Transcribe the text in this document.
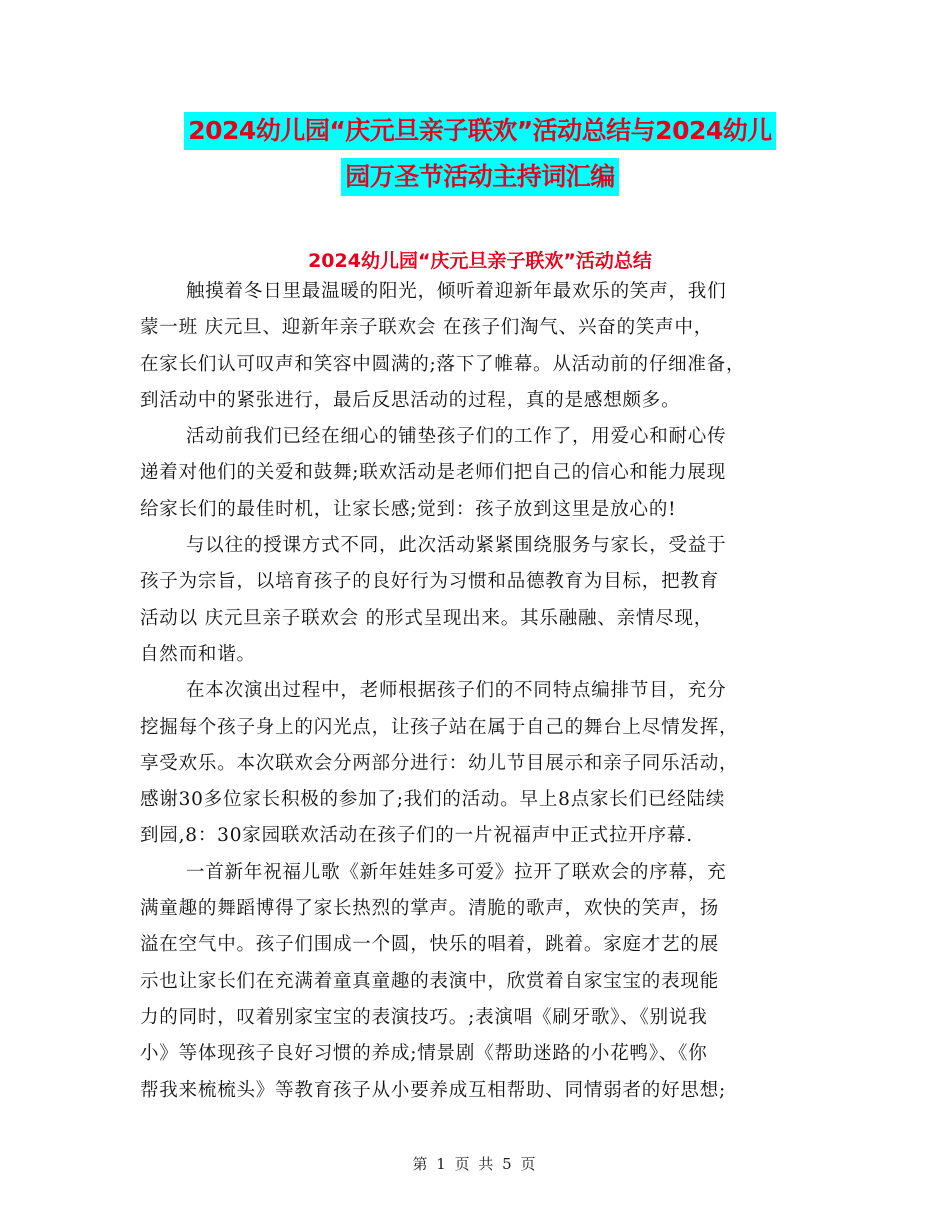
2024幼儿园“庆元旦亲子联欢”活动总结与2024幼儿
园万圣节活动主持词汇编
2024幼儿园“庆元旦亲子联欢”活动总结

触摸着冬日里最温暖的阳光，倾听着迎新年最欢乐的笑声，我们
蒙一班 庆元旦、迎新年亲子联欢会 在孩子们淘气、兴奋的笑声中，
在家长们认可叹声和笑容中圆满的;落下了帷幕。从活动前的仔细准备，
到活动中的紧张进行，最后反思活动的过程，真的是感想颇多。

活动前我们已经在细心的铺垫孩子们的工作了，用爱心和耐心传
递着对他们的关爱和鼓舞;联欢活动是老师们把自己的信心和能力展现
给家长们的最佳时机，让家长感;觉到：孩子放到这里是放心的!

与以往的授课方式不同，此次活动紧紧围绕服务与家长，受益于
孩子为宗旨，以培育孩子的良好行为习惯和品德教育为目标，把教育
活动以 庆元旦亲子联欢会 的形式呈现出来。其乐融融、亲情尽现，
自然而和谐。

在本次演出过程中，老师根据孩子们的不同特点编排节目，充分
挖掘每个孩子身上的闪光点，让孩子站在属于自己的舞台上尽情发挥，
享受欢乐。本次联欢会分两部分进行：幼儿节目展示和亲子同乐活动，
感谢30多位家长积极的参加了;我们的活动。早上8点家长们已经陆续
到园,8：30家园联欢活动在孩子们的一片祝福声中正式拉开序幕.

一首新年祝福儿歌《新年娃娃多可爱》拉开了联欢会的序幕，充
满童趣的舞蹈博得了家长热烈的掌声。清脆的歌声，欢快的笑声，扬
溢在空气中。孩子们围成一个圆，快乐的唱着，跳着。家庭才艺的展
示也让家长们在充满着童真童趣的表演中，欣赏着自家宝宝的表现能
力的同时，叹着别家宝宝的表演技巧。;表演唱《刷牙歌》、《别说我
小》等体现孩子良好习惯的养成;情景剧《帮助迷路的小花鸭》、《你
帮我来梳梳头》等教育孩子从小要养成互相帮助、同情弱者的好思想;

第 1 页 共 5 页
